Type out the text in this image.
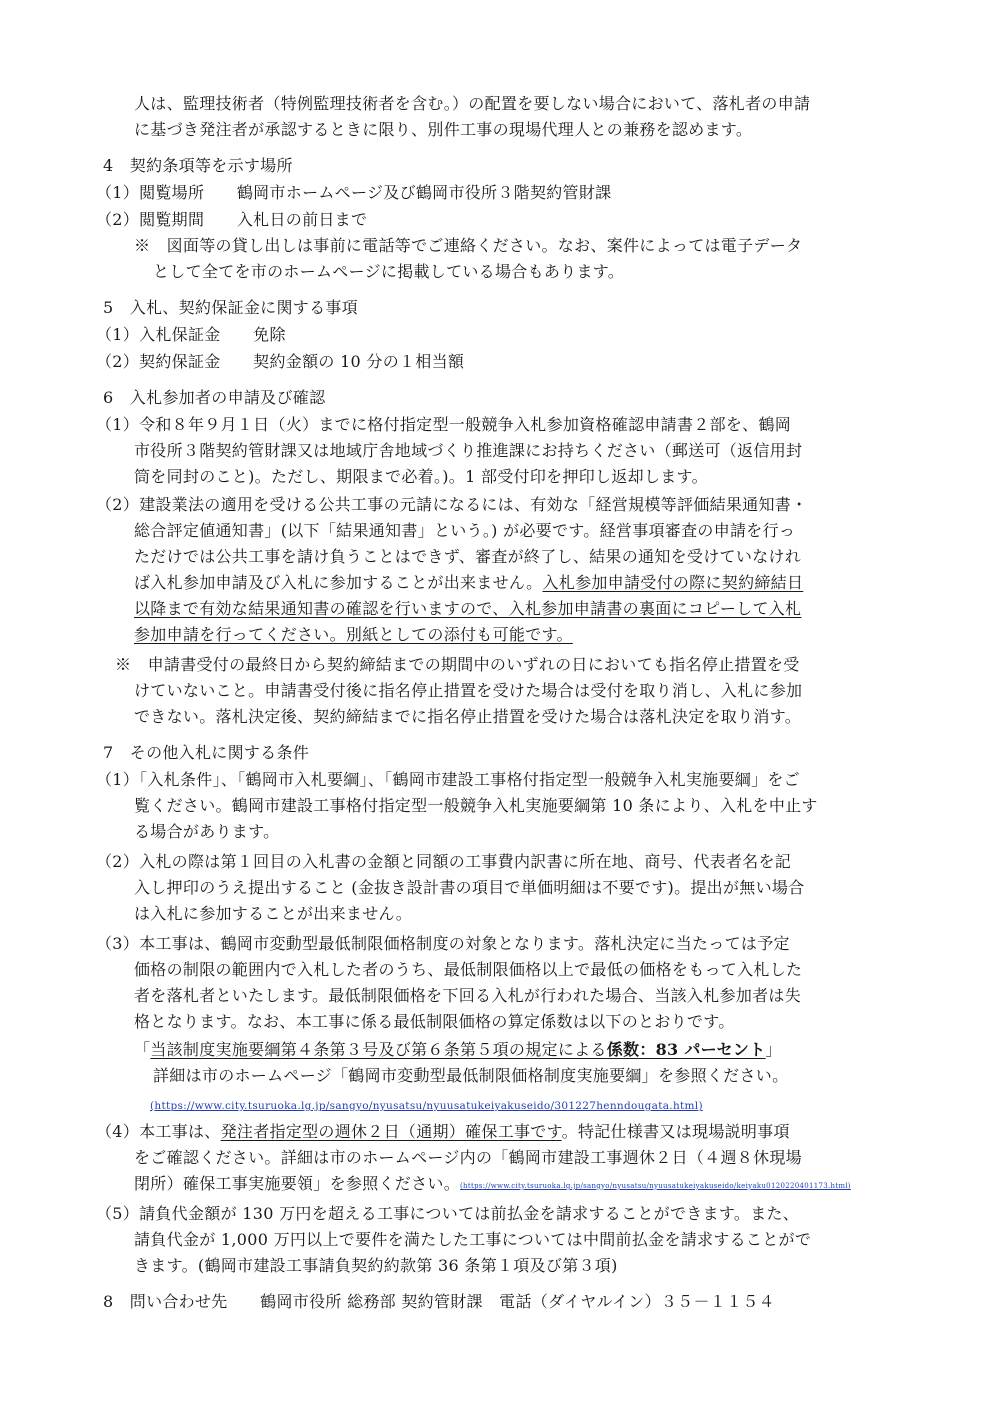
人は、監理技術者（特例監理技術者を含む。）の配置を要しない場合において、落札者の申請
に基づき発注者が承認するときに限り、別件工事の現場代理人との兼務を認めます。
4　契約条項等を示す場所
（1）閲覧場所　　鶴岡市ホームページ及び鶴岡市役所３階契約管財課
（2）閲覧期間　　入札日の前日まで
※　図面等の貸し出しは事前に電話等でご連絡ください。なお、案件によっては電子データ
として全てを市のホームページに掲載している場合もあります。
5　入札、契約保証金に関する事項
（1）入札保証金　　免除
（2）契約保証金　　契約金額の 10 分の１相当額
6　入札参加者の申請及び確認
（1）令和８年９月１日（火）までに格付指定型一般競争入札参加資格確認申請書２部を、鶴岡
市役所３階契約管財課又は地域庁舎地域づくり推進課にお持ちください（郵送可（返信用封
筒を同封のこと)。ただし、期限まで必着。)。1 部受付印を押印し返却します。
（2）建設業法の適用を受ける公共工事の元請になるには、有効な「経営規模等評価結果通知書・
総合評定値通知書」(以下「結果通知書」という。) が必要です。経営事項審査の申請を行っ
ただけでは公共工事を請け負うことはできず、審査が終了し、結果の通知を受けていなけれ
ば入札参加申請及び入札に参加することが出来ません。入札参加申請受付の際に契約締結日
以降まで有効な結果通知書の確認を行いますので、入札参加申請書の裏面にコピーして入札
参加申請を行ってください。別紙としての添付も可能です。
※　申請書受付の最終日から契約締結までの期間中のいずれの日においても指名停止措置を受
けていないこと。申請書受付後に指名停止措置を受けた場合は受付を取り消し、入札に参加
できない。落札決定後、契約締結までに指名停止措置を受けた場合は落札決定を取り消す。
7　その他入札に関する条件
（1）「入札条件」、「鶴岡市入札要綱」、「鶴岡市建設工事格付指定型一般競争入札実施要綱」をご
覧ください。鶴岡市建設工事格付指定型一般競争入札実施要綱第 10 条により、入札を中止す
る場合があります。
（2）入札の際は第１回目の入札書の金額と同額の工事費内訳書に所在地、商号、代表者名を記
入し押印のうえ提出すること (金抜き設計書の項目で単価明細は不要です)。提出が無い場合
は入札に参加することが出来ません。
（3）本工事は、鶴岡市変動型最低制限価格制度の対象となります。落札決定に当たっては予定
価格の制限の範囲内で入札した者のうち、最低制限価格以上で最低の価格をもって入札した
者を落札者といたします。最低制限価格を下回る入札が行われた場合、当該入札参加者は失
格となります。なお、本工事に係る最低制限価格の算定係数は以下のとおりです。
「当該制度実施要綱第４条第３号及び第６条第５項の規定による係数：83 パーセント」
詳細は市のホームページ「鶴岡市変動型最低制限価格制度実施要綱」を参照ください。
(https://www.city.tsuruoka.lg.jp/sangyo/nyusatsu/nyuusatukeiyakuseido/301227henndougata.html)
（4）本工事は、発注者指定型の週休２日（通期）確保工事です。特記仕様書又は現場説明事項
をご確認ください。詳細は市のホームページ内の「鶴岡市建設工事週休２日（４週８休現場
閉所）確保工事実施要領」を参照ください。(https://www.city.tsuruoka.lg.jp/sangyo/nyusatsu/nyuusatukeiyakuseido/keiyaku0120220401173.html)
（5）請負代金額が 130 万円を超える工事については前払金を請求することができます。また、
請負代金が 1,000 万円以上で要件を満たした工事については中間前払金を請求することがで
きます。(鶴岡市建設工事請負契約約款第 36 条第１項及び第３項)
8　問い合わせ先　　鶴岡市役所 総務部 契約管財課　電話（ダイヤルイン）３５－１１５４
